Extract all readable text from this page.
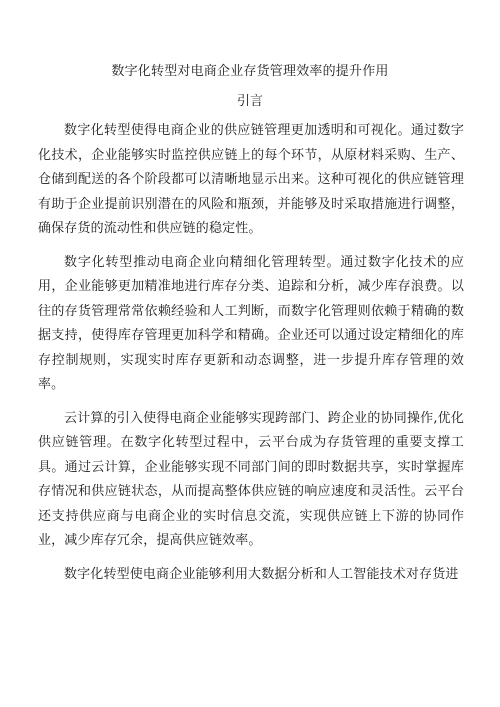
数字化转型对电商企业存货管理效率的提升作用
引言

数字化转型使得电商企业的供应链管理更加透明和可视化。通过数字化技术，企业能够实时监控供应链上的每个环节，从原材料采购、生产、仓储到配送的各个阶段都可以清晰地显示出来。这种可视化的供应链管理有助于企业提前识别潜在的风险和瓶颈，并能够及时采取措施进行调整，确保存货的流动性和供应链的稳定性。

数字化转型推动电商企业向精细化管理转型。通过数字化技术的应用，企业能够更加精准地进行库存分类、追踪和分析，减少库存浪费。以往的存货管理常常依赖经验和人工判断，而数字化管理则依赖于精确的数据支持，使得库存管理更加科学和精确。企业还可以通过设定精细化的库存控制规则，实现实时库存更新和动态调整，进一步提升库存管理的效率。

云计算的引入使得电商企业能够实现跨部门、跨企业的协同操作,优化供应链管理。在数字化转型过程中，云平台成为存货管理的重要支撑工具。通过云计算，企业能够实现不同部门间的即时数据共享，实时掌握库存情况和供应链状态，从而提高整体供应链的响应速度和灵活性。云平台还支持供应商与电商企业的实时信息交流，实现供应链上下游的协同作业，减少库存冗余，提高供应链效率。

数字化转型使电商企业能够利用大数据分析和人工智能技术对存货进
